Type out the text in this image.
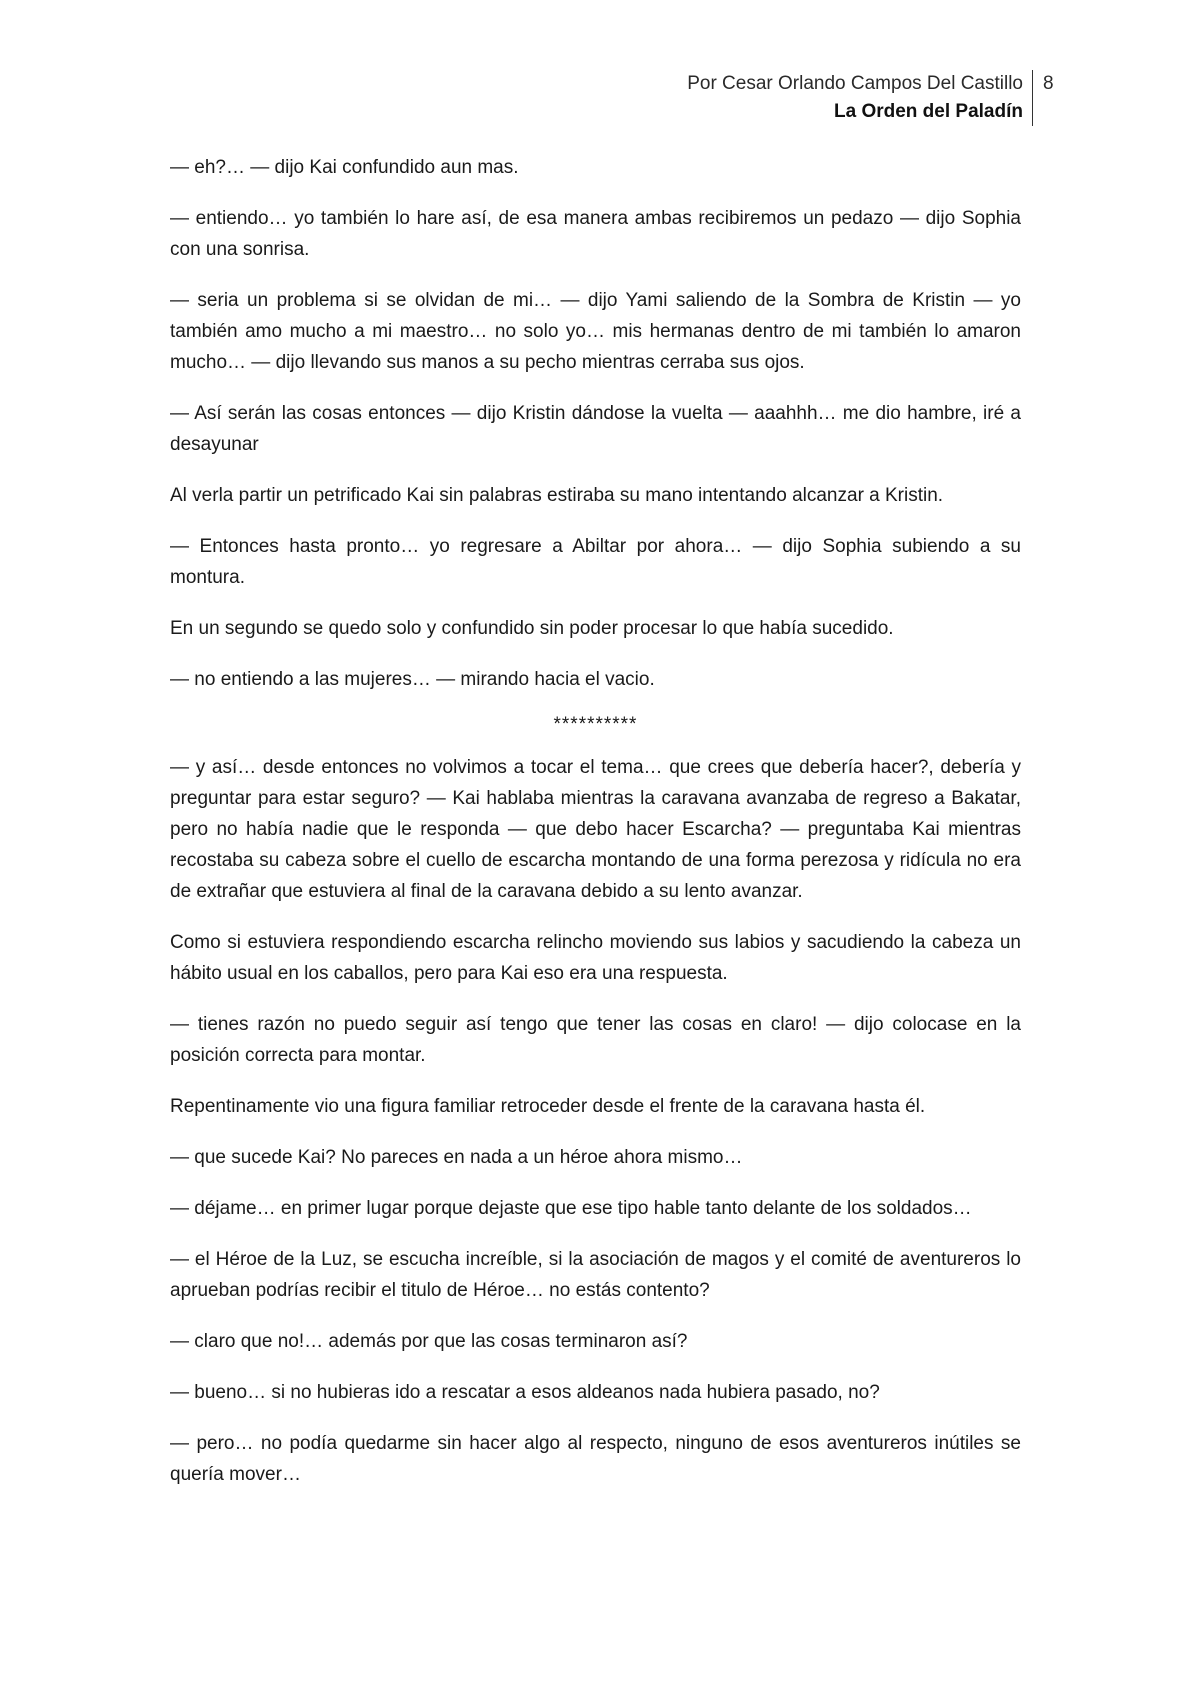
Por Cesar Orlando Campos Del Castillo
La Orden del Paladín
8

— eh?… — dijo Kai confundido aun mas.

— entiendo… yo también lo hare así, de esa manera ambas recibiremos un pedazo — dijo Sophia con una sonrisa.

— seria un problema si se olvidan de mi… — dijo Yami saliendo de la Sombra de Kristin — yo también amo mucho a mi maestro… no solo yo… mis hermanas dentro de mi también lo amaron mucho… — dijo llevando sus manos a su pecho mientras cerraba sus ojos.

— Así serán las cosas entonces — dijo Kristin dándose la vuelta — aaahhh… me dio hambre, iré a desayunar

Al verla partir un petrificado Kai sin palabras estiraba su mano intentando alcanzar a Kristin.

— Entonces hasta pronto… yo regresare a Abiltar por ahora… — dijo Sophia subiendo a su montura.

En un segundo se quedo solo y confundido sin poder procesar lo que había sucedido.

— no entiendo a las mujeres… — mirando hacia el vacio.

**********

— y así… desde entonces no volvimos a tocar el tema… que crees que debería hacer?, debería y preguntar para estar seguro? — Kai hablaba mientras la caravana avanzaba de regreso a Bakatar, pero no había nadie que le responda — que debo hacer Escarcha? — preguntaba Kai mientras recostaba su cabeza sobre el cuello de escarcha montando de una forma perezosa y ridícula no era de extrañar que estuviera al final de la caravana debido a su lento avanzar.

Como si estuviera respondiendo escarcha relincho moviendo sus labios y sacudiendo la cabeza un hábito usual en los caballos, pero para Kai eso era una respuesta.

— tienes razón no puedo seguir así tengo que tener las cosas en claro! — dijo colocase en la posición correcta para montar.

Repentinamente vio una figura familiar retroceder desde el frente de la caravana hasta él.

— que sucede Kai? No pareces en nada a un héroe ahora mismo…

— déjame… en primer lugar porque dejaste que ese tipo hable tanto delante de los soldados…

— el Héroe de la Luz, se escucha increíble, si la asociación de magos y el comité de aventureros lo aprueban podrías recibir el titulo de Héroe… no estás contento?

— claro que no!… además por que las cosas terminaron así?

— bueno… si no hubieras ido a rescatar a esos aldeanos nada hubiera pasado, no?

— pero… no podía quedarme sin hacer algo al respecto, ninguno de esos aventureros inútiles se quería mover…
